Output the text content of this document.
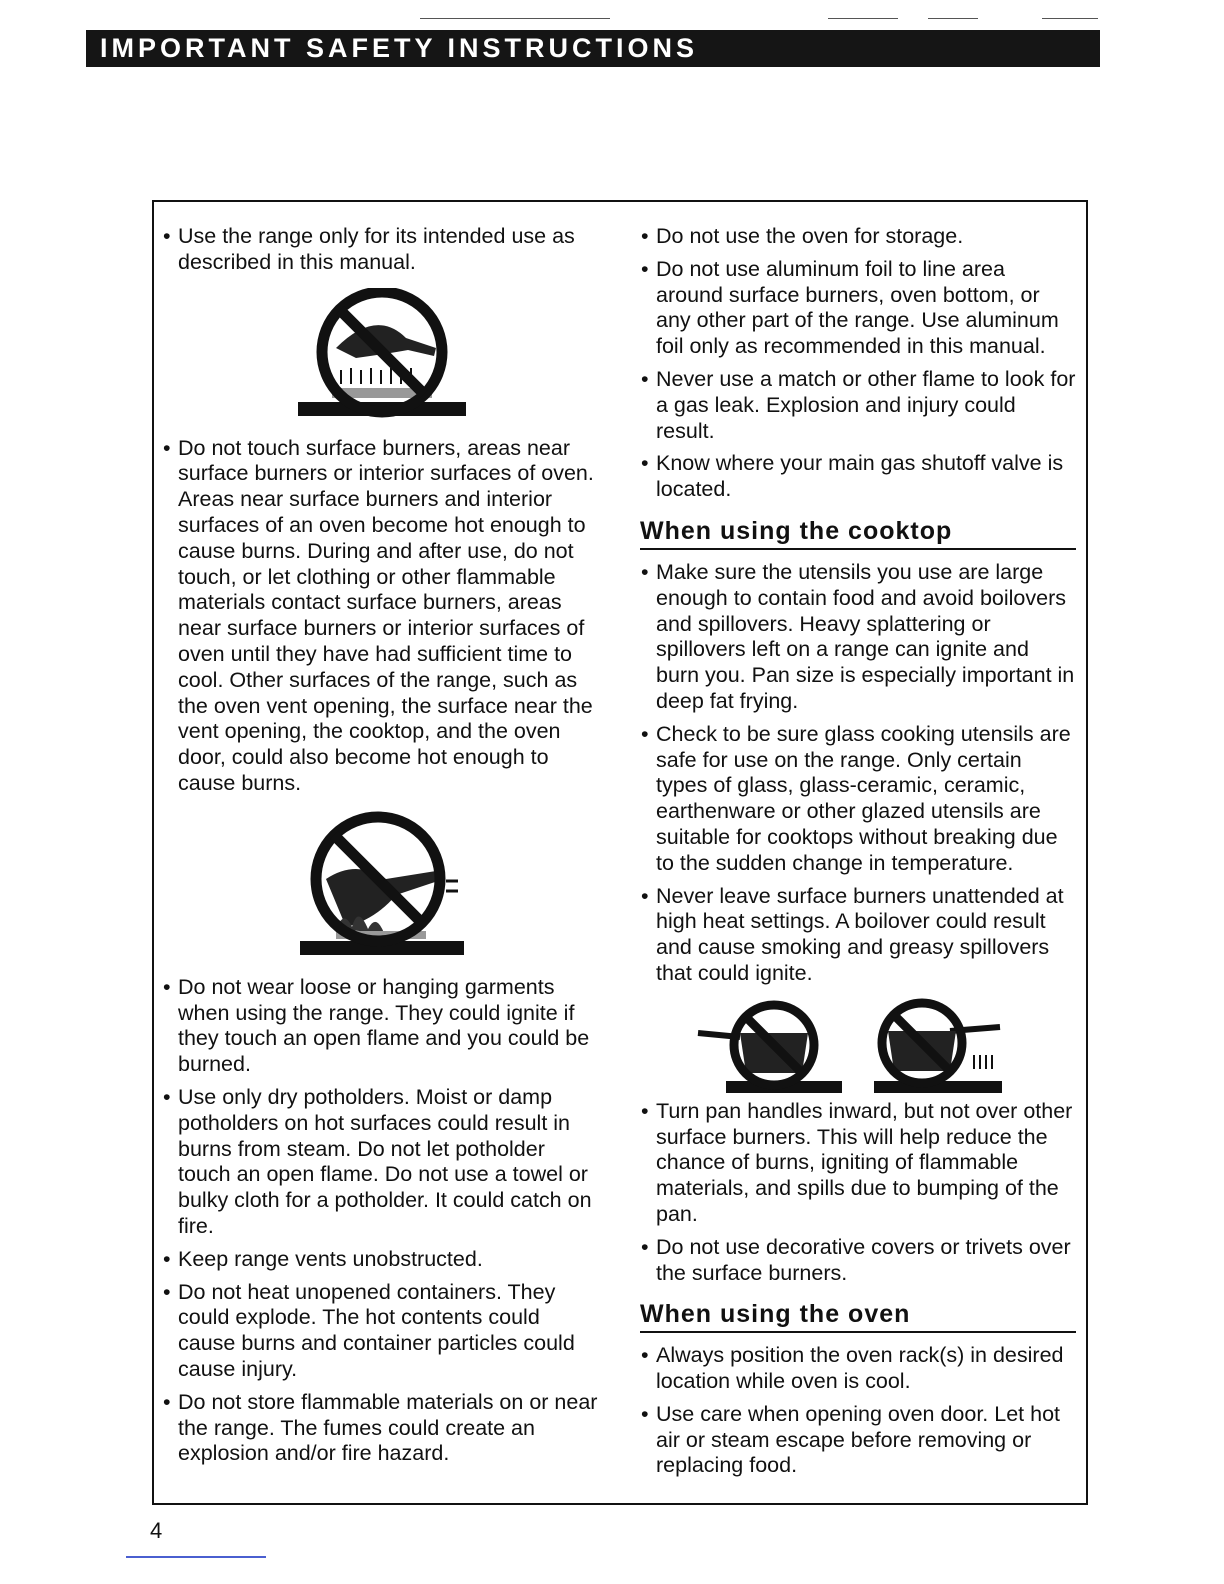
IMPORTANT SAFETY INSTRUCTIONS
• Use the range only for its intended use as described in this manual.
• Do not touch surface burners, areas near surface burners or interior surfaces of oven. Areas near surface burners and interior surfaces of an oven become hot enough to cause burns. During and after use, do not touch, or let clothing or other flammable materials contact surface burners, areas near surface burners or interior surfaces of oven until they have had sufficient time to cool. Other surfaces of the range, such as the oven vent opening, the surface near the vent opening, the cooktop, and the oven door, could also become hot enough to cause burns.
• Do not wear loose or hanging garments when using the range. They could ignite if they touch an open flame and you could be burned.
• Use only dry potholders. Moist or damp potholders on hot surfaces could result in burns from steam. Do not let potholder touch an open flame. Do not use a towel or bulky cloth for a potholder. It could catch on fire.
• Keep range vents unobstructed.
• Do not heat unopened containers. They could explode. The hot contents could cause burns and container particles could cause injury.
• Do not store flammable materials on or near the range. The fumes could create an explosion and/or fire hazard.
• Do not use the oven for storage.
• Do not use aluminum foil to line area around surface burners, oven bottom, or any other part of the range. Use aluminum foil only as recommended in this manual.
• Never use a match or other flame to look for a gas leak. Explosion and injury could result.
• Know where your main gas shutoff valve is located.
When using the cooktop
• Make sure the utensils you use are large enough to contain food and avoid boilovers and spillovers. Heavy splattering or spillovers left on a range can ignite and burn you. Pan size is especially important in deep fat frying.
• Check to be sure glass cooking utensils are safe for use on the range. Only certain types of glass, glass-ceramic, ceramic, earthenware or other glazed utensils are suitable for cooktops without breaking due to the sudden change in temperature.
• Never leave surface burners unattended at high heat settings. A boilover could result and cause smoking and greasy spillovers that could ignite.
• Turn pan handles inward, but not over other surface burners. This will help reduce the chance of burns, igniting of flammable materials, and spills due to bumping of the pan.
• Do not use decorative covers or trivets over the surface burners.
When using the oven
• Always position the oven rack(s) in desired location while oven is cool.
• Use care when opening oven door. Let hot air or steam escape before removing or replacing food.
4
